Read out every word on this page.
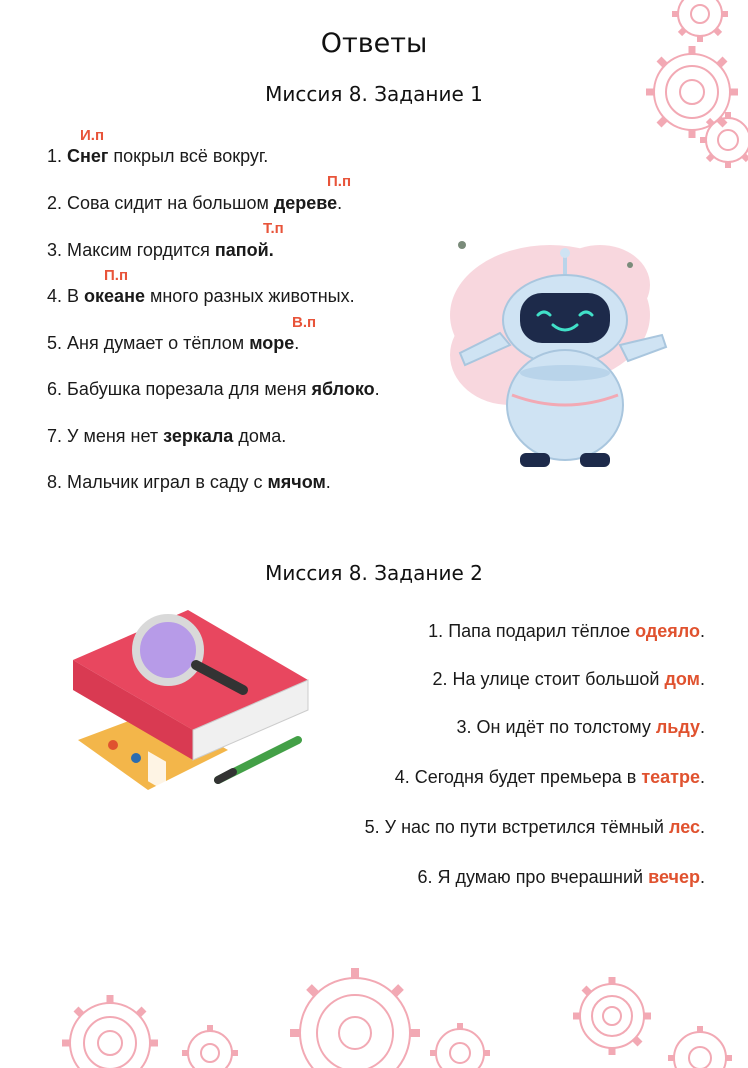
Ответы
Миссия 8. Задание 1
И.п
1. Снег покрыл всё вокруг.
П.п
2. Сова сидит на большом дереве.
Т.п
3. Максим гордится папой.
П.п
4. В океане много разных животных.
В.п
5. Аня думает о тёплом море.
6. Бабушка порезала для меня яблоко.
7. У меня нет зеркала дома.
8. Мальчик играл в саду с мячом.
Миссия 8. Задание 2
1. Папа подарил тёплое одеяло.
2. На улице стоит большой дом.
3. Он идёт по толстому льду.
4. Сегодня будет премьера в театре.
5. У нас по пути встретился тёмный лес.
6. Я думаю про вчерашний вечер.
